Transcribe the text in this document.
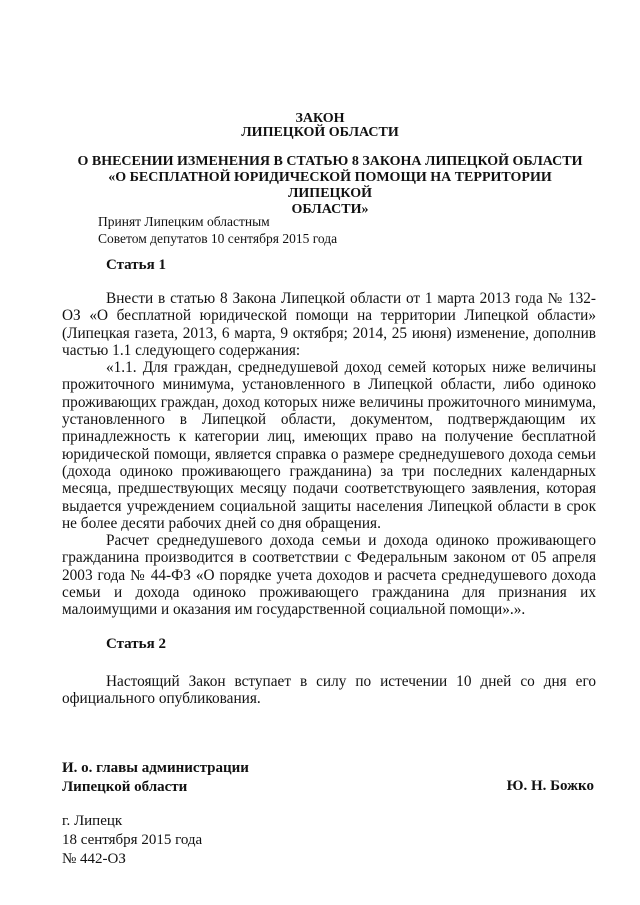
ЗАКОН
ЛИПЕЦКОЙ ОБЛАСТИ
О ВНЕСЕНИИ ИЗМЕНЕНИЯ В СТАТЬЮ 8 ЗАКОНА ЛИПЕЦКОЙ ОБЛАСТИ
«О БЕСПЛАТНОЙ ЮРИДИЧЕСКОЙ ПОМОЩИ НА ТЕРРИТОРИИ ЛИПЕЦКОЙ
ОБЛАСТИ»
Принят Липецким областным
Советом депутатов 10 сентября 2015 года
Статья 1

Внести в статью 8 Закона Липецкой области от 1 марта 2013 года № 132-ОЗ «О бесплатной юридической помощи на территории Липецкой области» (Липецкая газета, 2013, 6 марта, 9 октября; 2014, 25 июня) изменение, дополнив частью 1.1 следующего содержания:

«1.1. Для граждан, среднедушевой доход семей которых ниже величины прожиточного минимума, установленного в Липецкой области, либо одиноко проживающих граждан, доход которых ниже величины прожиточного минимума, установленного в Липецкой области, документом, подтверждающим их принадлежность к категории лиц, имеющих право на получение бесплатной юридической помощи, является справка о размере среднедушевого дохода семьи (дохода одиноко проживающего гражданина) за три последних календарных месяца, предшествующих месяцу подачи соответствующего заявления, которая выдается учреждением социальной защиты населения Липецкой области в срок не более десяти рабочих дней со дня обращения.

Расчет среднедушевого дохода семьи и дохода одиноко проживающего гражданина производится в соответствии с Федеральным законом от 05 апреля 2003 года № 44-ФЗ «О порядке учета доходов и расчета среднедушевого дохода семьи и дохода одиноко проживающего гражданина для признания их малоимущими и оказания им государственной социальной помощи».».

Статья 2

Настоящий Закон вступает в силу по истечении 10 дней со дня его официального опубликования.

И. о. главы администрации
Липецкой области	Ю. Н. Божко
г. Липецк
18 сентября 2015 года
№ 442-ОЗ
